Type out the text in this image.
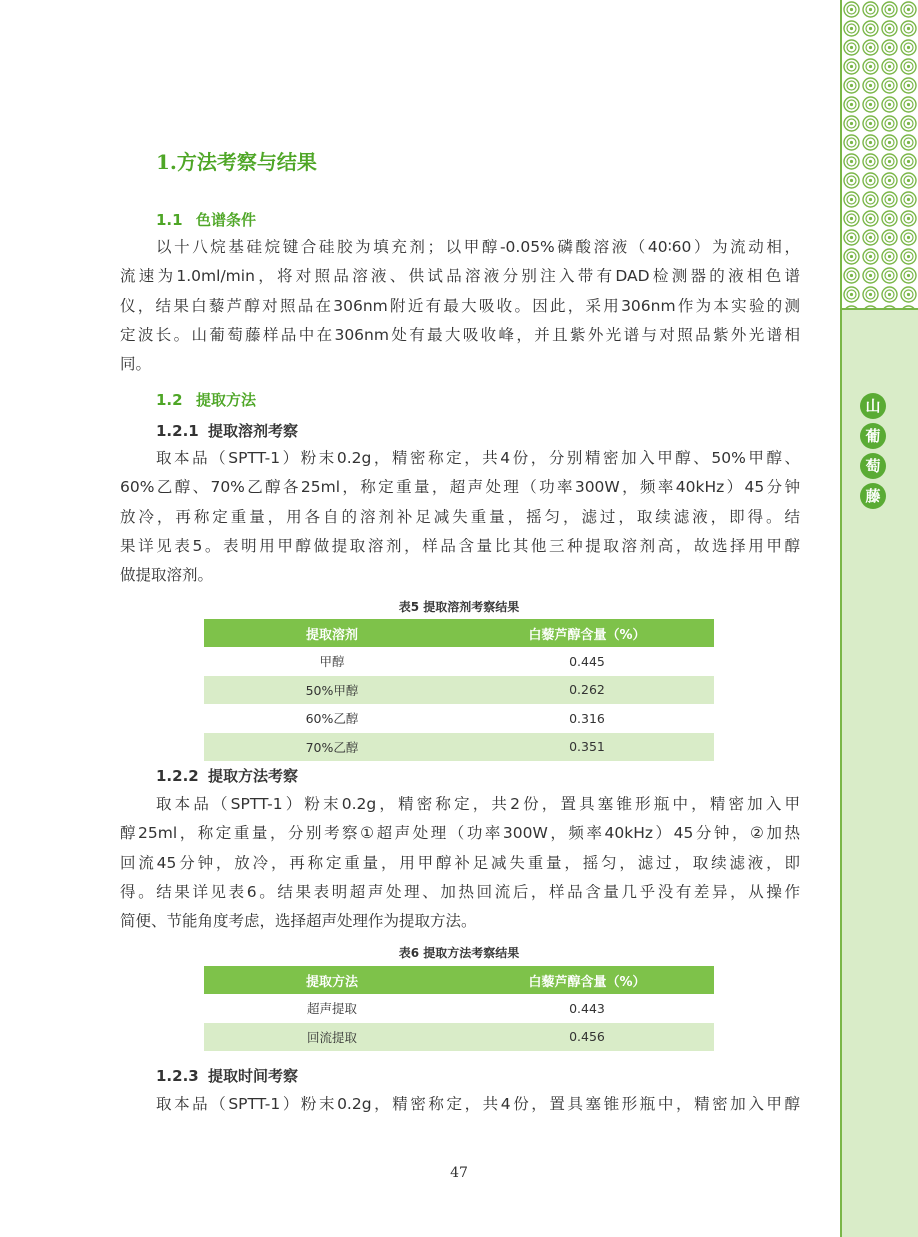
山
葡
萄
藤
1.方法考察与结果
1.1 色谱条件
以十八烷基硅烷键合硅胶为填充剂；以甲醇-0.05%磷酸溶液（40∶60）为流动相，
流速为1.0ml/min，将对照品溶液、供试品溶液分别注入带有DAD检测器的液相色谱
仪，结果白藜芦醇对照品在306nm附近有最大吸收。因此，采用306nm作为本实验的测
定波长。山葡萄藤样品中在306nm处有最大吸收峰，并且紫外光谱与对照品紫外光谱相
同。
1.2 提取方法
1.2.1 提取溶剂考察
取本品（SPTT-1）粉末0.2g，精密称定，共4份，分别精密加入甲醇、50%甲醇、
60%乙醇、70%乙醇各25ml，称定重量，超声处理（功率300W，频率40kHz）45分钟
放冷，再称定重量，用各自的溶剂补足减失重量，摇匀，滤过，取续滤液，即得。结
果详见表5。表明用甲醇做提取溶剂，样品含量比其他三种提取溶剂高，故选择用甲醇
做提取溶剂。
表5 提取溶剂考察结果
提取溶剂	白藜芦醇含量（%）
甲醇	0.445
50%甲醇	0.262
60%乙醇	0.316
70%乙醇	0.351
1.2.2 提取方法考察
取本品（SPTT-1）粉末0.2g，精密称定，共2份，置具塞锥形瓶中，精密加入甲
醇25ml，称定重量，分别考察①超声处理（功率300W，频率40kHz）45分钟，②加热
回流45分钟，放冷，再称定重量，用甲醇补足减失重量，摇匀，滤过，取续滤液，即
得。结果详见表6。结果表明超声处理、加热回流后，样品含量几乎没有差异，从操作
简便、节能角度考虑，选择超声处理作为提取方法。
表6 提取方法考察结果
提取方法	白藜芦醇含量（%）
超声提取	0.443
回流提取	0.456
1.2.3 提取时间考察
取本品（SPTT-1）粉末0.2g，精密称定，共4份，置具塞锥形瓶中，精密加入甲醇
47
